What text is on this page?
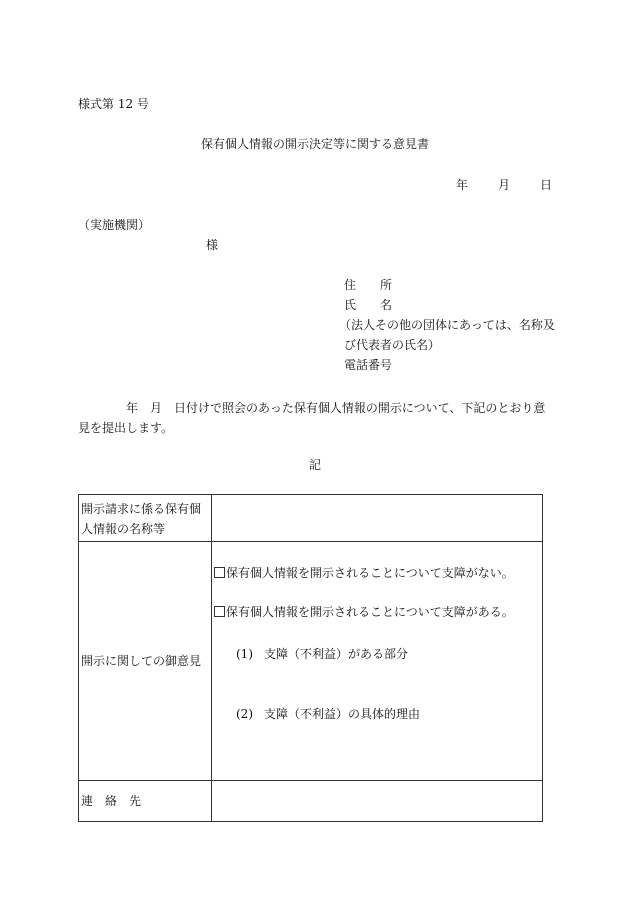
様式第 12 号
保有個人情報の開示決定等に関する意見書
年	月	日
（実施機関）
様
住　　所
氏　　名
（法人その他の団体にあっては、名称及
び代表者の氏名）
電話番号
年　月　日付けで照会のあった保有個人情報の開示について、下記のとおり意見を提出します。
記
開示請求に係る保有個人情報の名称等	
開示に関しての御意見	保有個人情報を開示されることについて支障がない。
保有個人情報を開示されることについて支障がある。
(1) 支障（不利益）がある部分
(2) 支障（不利益）の具体的理由

連　絡　先	
